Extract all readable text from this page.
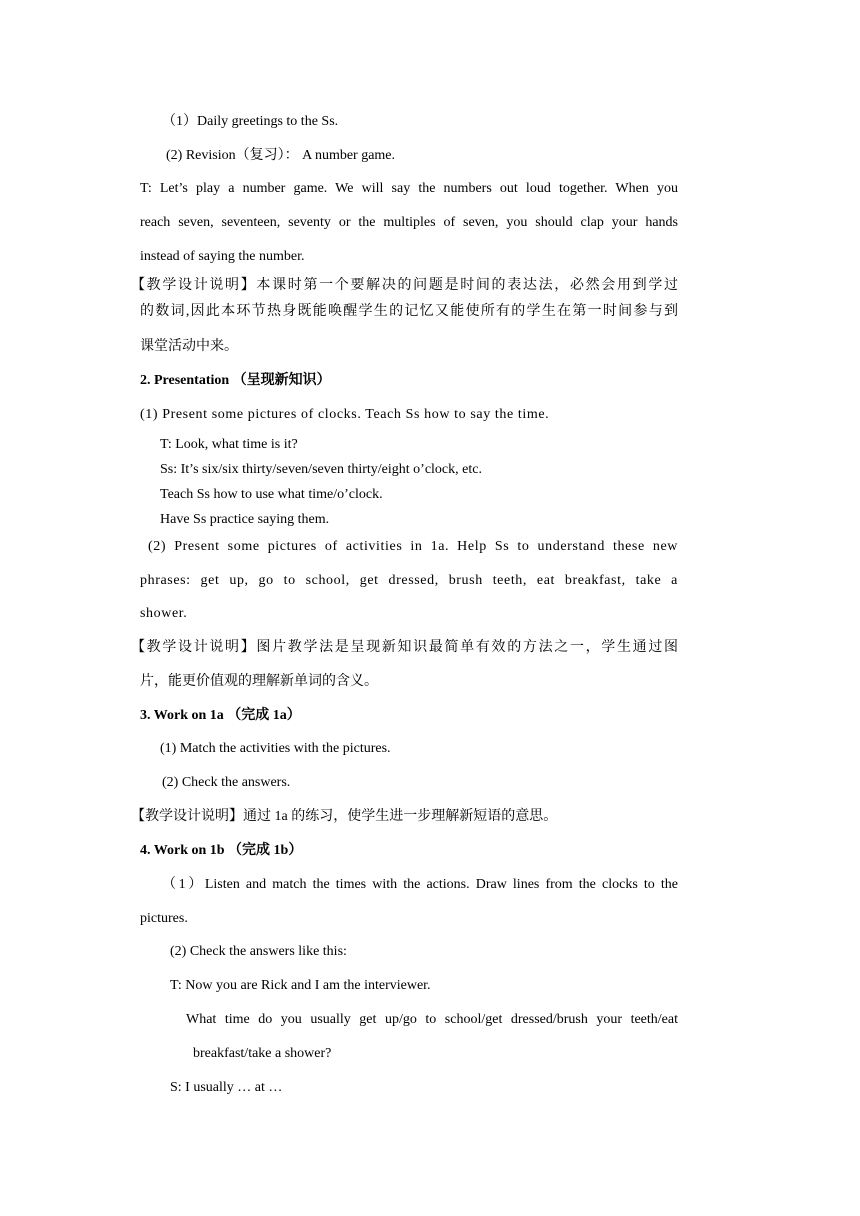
（1）Daily greetings to the Ss.
(2) Revision（复习）： A number game.
T: Let’s play a number game. We will say the numbers out loud together. When you
reach seven, seventeen, seventy or the multiples of seven, you should clap your hands
instead of saying the number.
【教学设计说明】本课时第一个要解决的问题是时间的表达法，必然会用到学过
的数词,因此本环节热身既能唤醒学生的记忆又能使所有的学生在第一时间参与到
课堂活动中来。
2. Presentation （呈现新知识）
(1) Present some pictures of clocks. Teach Ss how to say the time.
T: Look, what time is it?
Ss: It’s six/six thirty/seven/seven thirty/eight o’clock, etc.
Teach Ss how to use what time/o’clock.
Have Ss practice saying them.
(2) Present some pictures of activities in 1a. Help Ss to understand these new
phrases: get up, go to school, get dressed, brush teeth, eat breakfast, take a
shower.
【教学设计说明】图片教学法是呈现新知识最简单有效的方法之一，学生通过图
片，能更价值观的理解新单词的含义。
3. Work on 1a （完成 1a）
(1) Match the activities with the pictures.
(2) Check the answers.
【教学设计说明】通过 1a 的练习，使学生进一步理解新短语的意思。
4. Work on 1b （完成 1b）
（1）Listen and match the times with the actions. Draw lines from the clocks to the
pictures.
(2) Check the answers like this:
T: Now you are Rick and I am the interviewer.
What time do you usually get up/go to school/get dressed/brush your teeth/eat
breakfast/take a shower?
S: I usually … at …
